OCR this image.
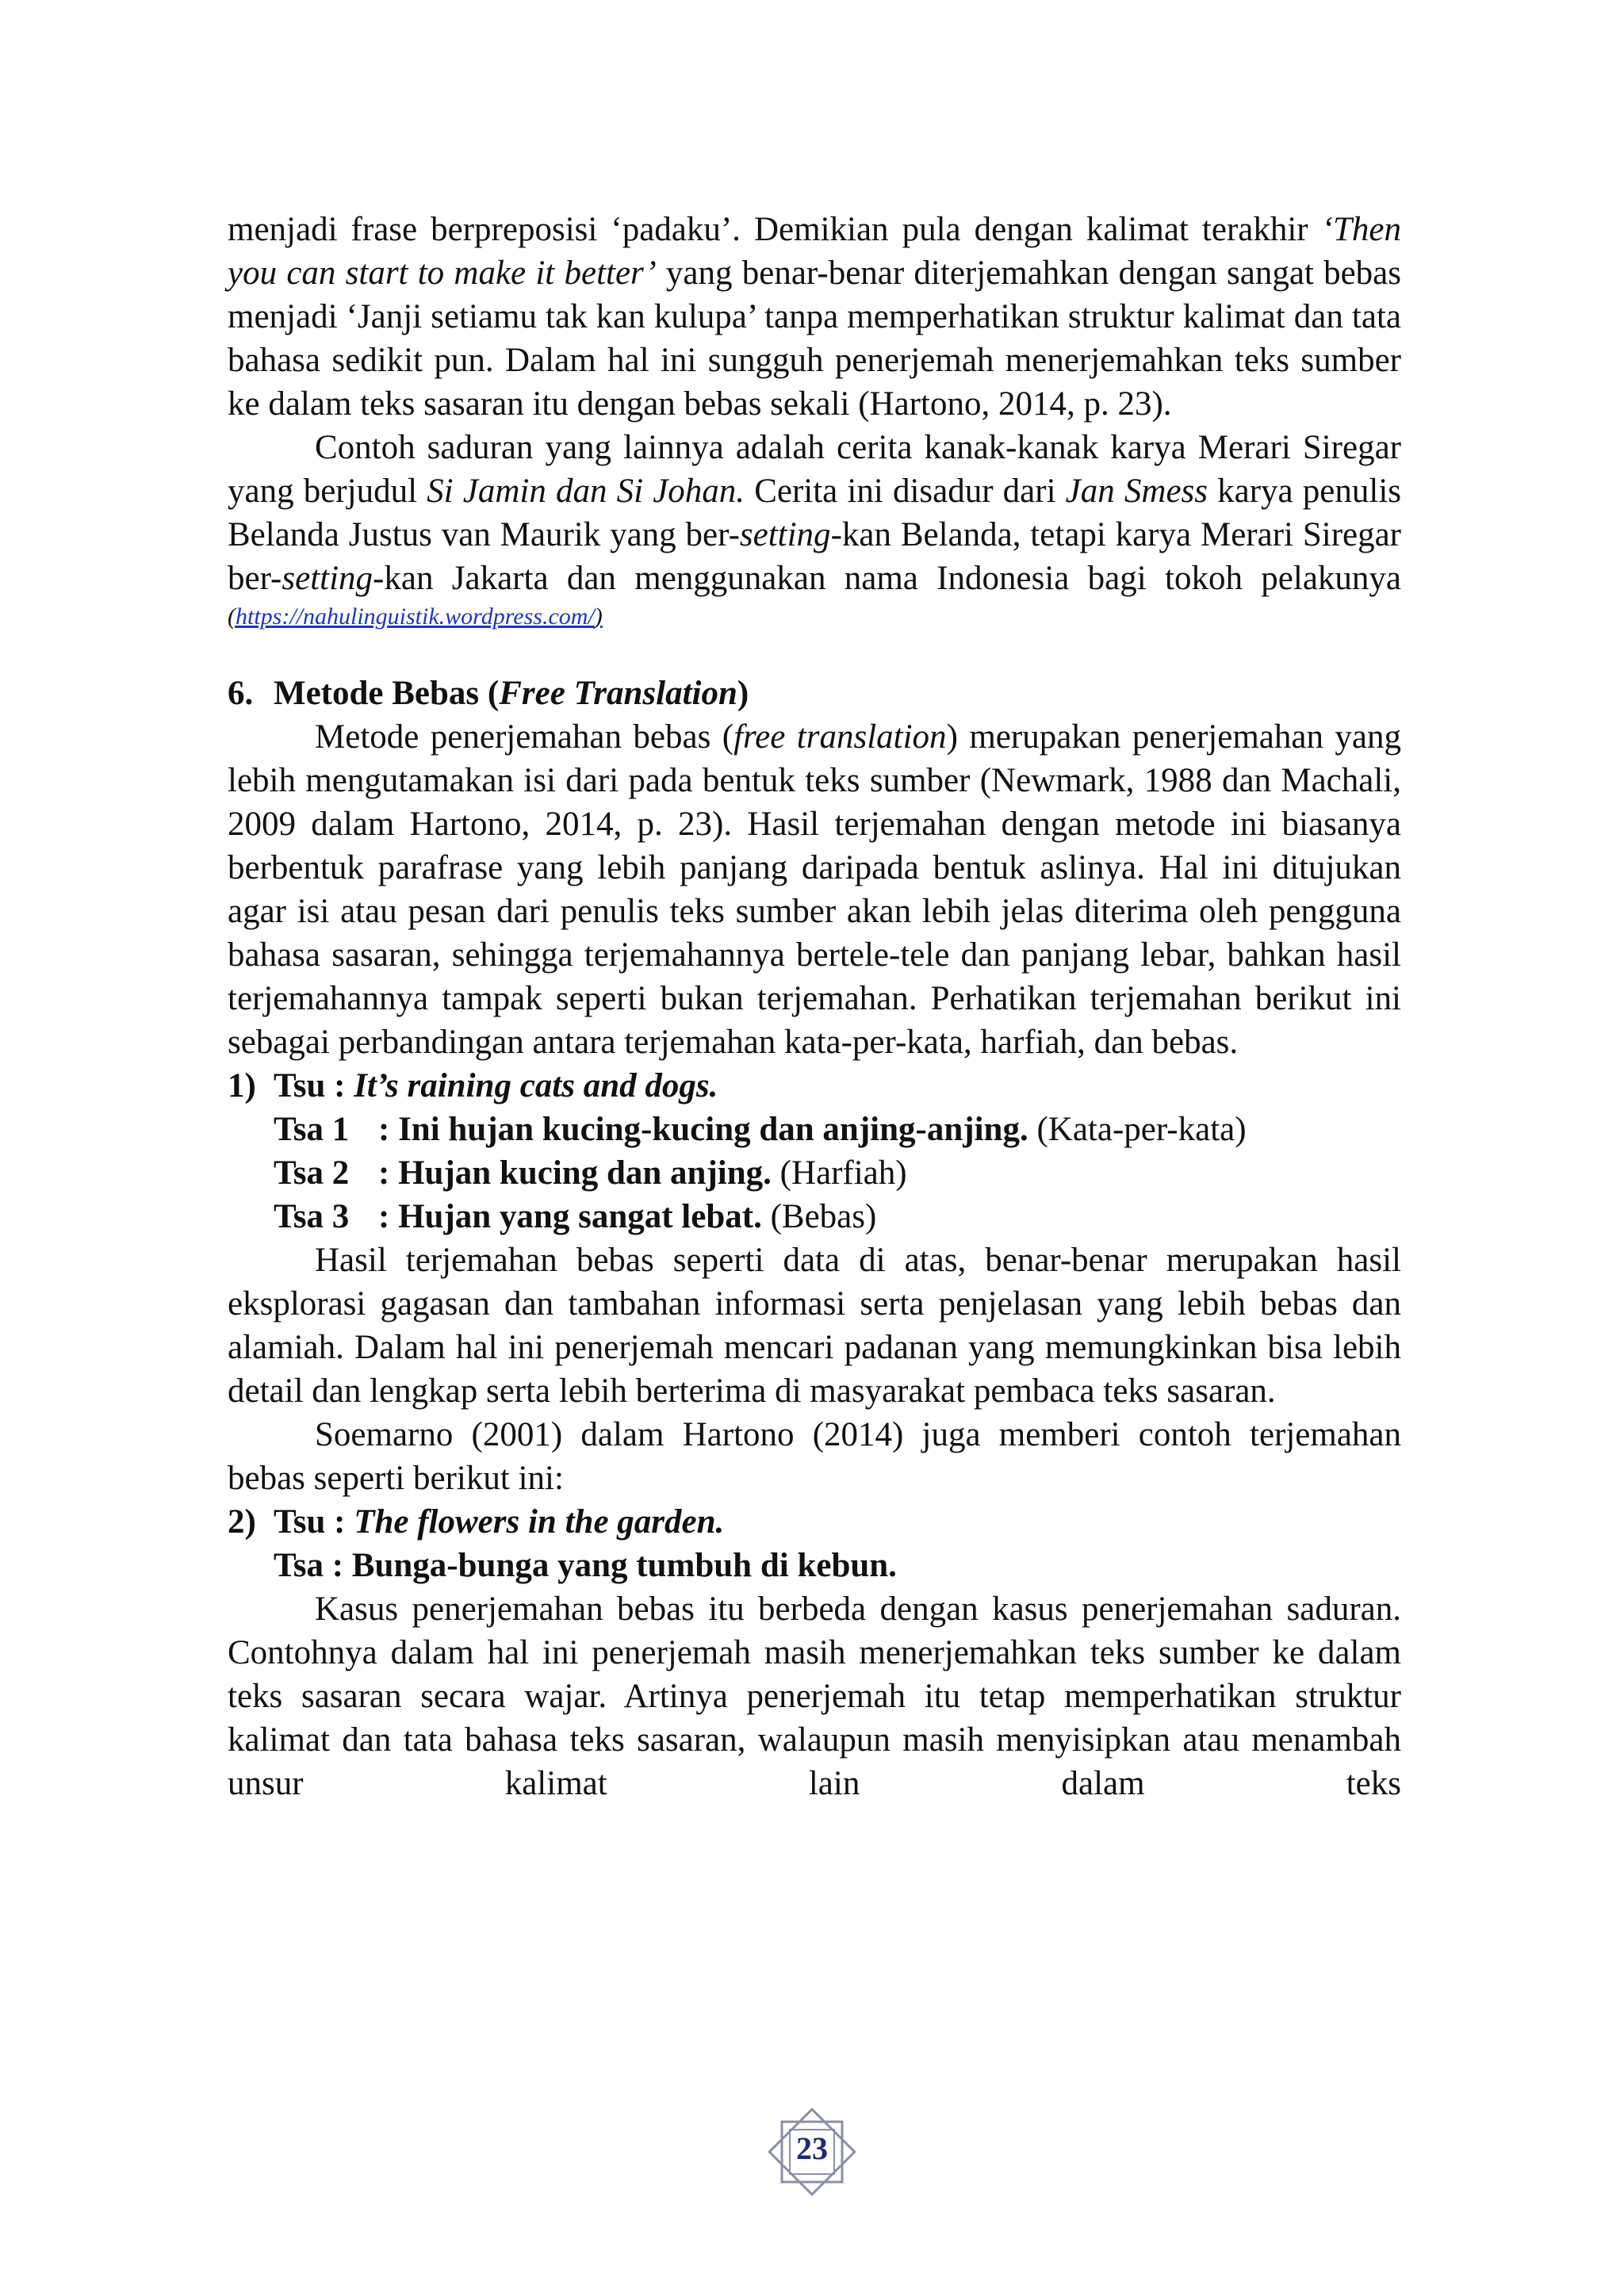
menjadi frase berpreposisi ‘padaku’. Demikian pula dengan kalimat terakhir ‘Then you can start to make it better’ yang benar-benar diterjemahkan dengan sangat bebas menjadi ‘Janji setiamu tak kan kulupa’ tanpa memperhatikan struktur kalimat dan tata bahasa sedikit pun. Dalam hal ini sungguh penerjemah menerjemahkan teks sumber ke dalam teks sasaran itu dengan bebas sekali (Hartono, 2014, p. 23).

Contoh saduran yang lainnya adalah cerita kanak-kanak karya Merari Siregar yang berjudul Si Jamin dan Si Johan. Cerita ini disadur dari Jan Smess karya penulis Belanda Justus van Maurik yang ber-setting-kan Belanda, tetapi karya Merari Siregar ber-setting-kan Jakarta dan menggunakan nama Indonesia bagi tokoh pelakunya

(https://nahulinguistik.wordpress.com/)

6. Metode Bebas (Free Translation)

Metode penerjemahan bebas (free translation) merupakan penerjemahan yang lebih mengutamakan isi dari pada bentuk teks sumber (Newmark, 1988 dan Machali, 2009 dalam Hartono, 2014, p. 23). Hasil terjemahan dengan metode ini biasanya berbentuk parafrase yang lebih panjang daripada bentuk aslinya. Hal ini ditujukan agar isi atau pesan dari penulis teks sumber akan lebih jelas diterima oleh pengguna bahasa sasaran, sehingga terjemahannya bertele-tele dan panjang lebar, bahkan hasil terjemahannya tampak seperti bukan terjemahan. Perhatikan terjemahan berikut ini sebagai perbandingan antara terjemahan kata-per-kata, harfiah, dan bebas.

1) Tsu : It’s raining cats and dogs.

Tsa 1 : Ini hujan kucing-kucing dan anjing-anjing. (Kata-per-kata)

Tsa 2 : Hujan kucing dan anjing. (Harfiah)

Tsa 3 : Hujan yang sangat lebat. (Bebas)

Hasil terjemahan bebas seperti data di atas, benar-benar merupakan hasil eksplorasi gagasan dan tambahan informasi serta penjelasan yang lebih bebas dan alamiah. Dalam hal ini penerjemah mencari padanan yang memungkinkan bisa lebih detail dan lengkap serta lebih berterima di masyarakat pembaca teks sasaran.

Soemarno (2001) dalam Hartono (2014) juga memberi contoh terjemahan bebas seperti berikut ini:

2) Tsu : The flowers in the garden.

Tsa : Bunga-bunga yang tumbuh di kebun.

Kasus penerjemahan bebas itu berbeda dengan kasus penerjemahan saduran. Contohnya dalam hal ini penerjemah masih menerjemahkan teks sumber ke dalam teks sasaran secara wajar. Artinya penerjemah itu tetap memperhatikan struktur kalimat dan tata bahasa teks sasaran, walaupun masih menyisipkan atau menambah unsur kalimat lain dalam teks

23
